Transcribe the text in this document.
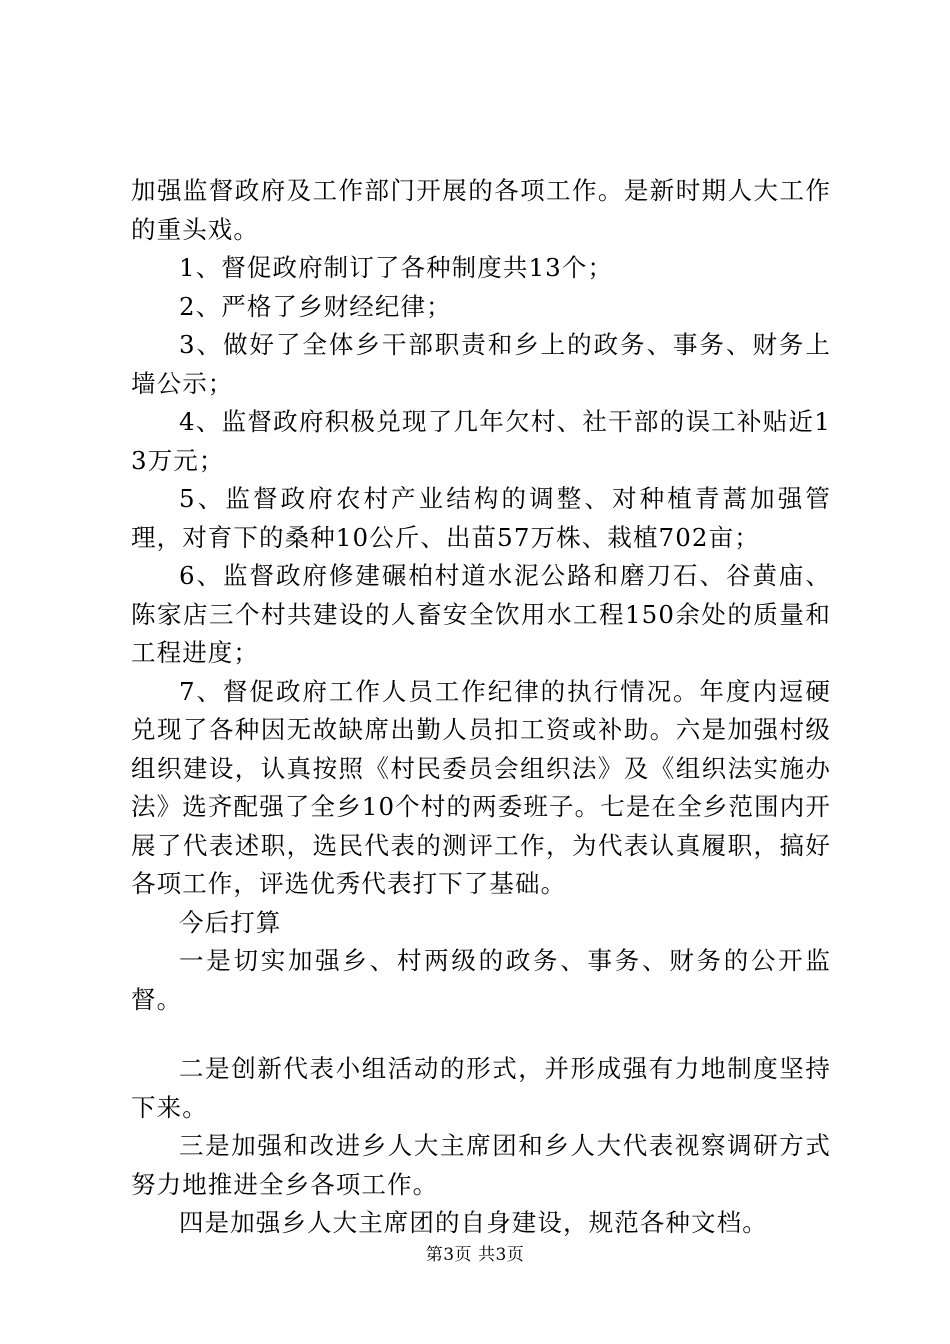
加强监督政府及工作部门开展的各项工作。是新时期人大工作的重头戏。

1、督促政府制订了各种制度共13个；

2、严格了乡财经纪律；

3、做好了全体乡干部职责和乡上的政务、事务、财务上墙公示；

4、监督政府积极兑现了几年欠村、社干部的误工补贴近13万元；

5、监督政府农村产业结构的调整、对种植青蒿加强管理，对育下的桑种10公斤、出苗57万株、栽植702亩；

6、监督政府修建碾柏村道水泥公路和磨刀石、谷黄庙、陈家店三个村共建设的人畜安全饮用水工程150余处的质量和工程进度；

7、督促政府工作人员工作纪律的执行情况。年度内逗硬兑现了各种因无故缺席出勤人员扣工资或补助。六是加强村级组织建设，认真按照《村民委员会组织法》及《组织法实施办法》选齐配强了全乡10个村的两委班子。七是在全乡范围内开展了代表述职，选民代表的测评工作，为代表认真履职，搞好各项工作，评选优秀代表打下了基础。

今后打算

一是切实加强乡、村两级的政务、事务、财务的公开监督。

二是创新代表小组活动的形式，并形成强有力地制度坚持下来。

三是加强和改进乡人大主席团和乡人大代表视察调研方式努力地推进全乡各项工作。

四是加强乡人大主席团的自身建设，规范各种文档。

第3页 共3页
